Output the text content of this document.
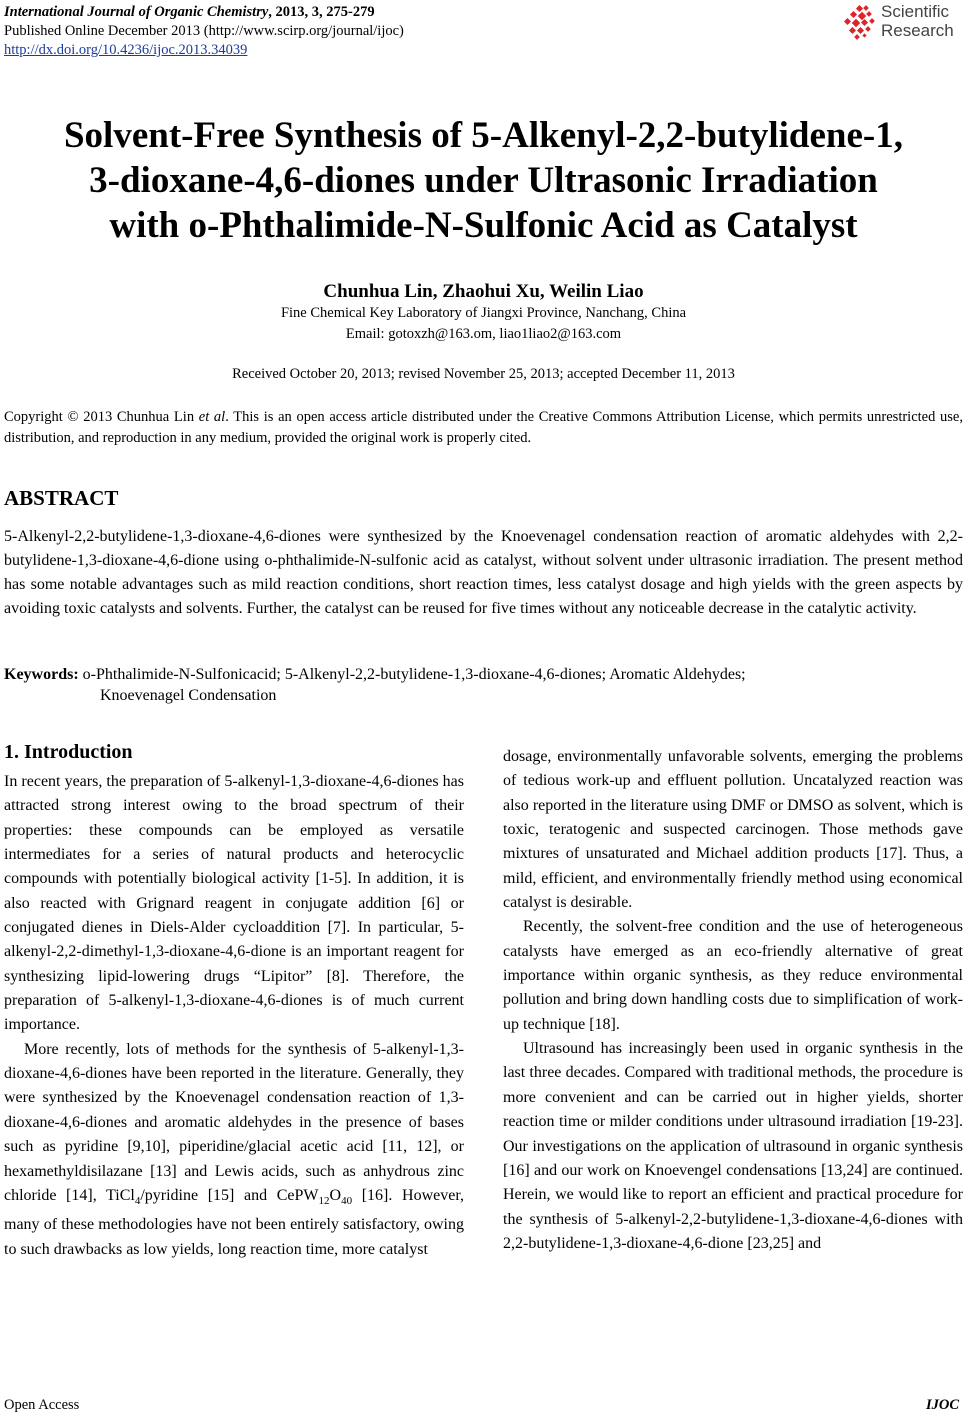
International Journal of Organic Chemistry, 2013, 3, 275-279
Published Online December 2013 (http://www.scirp.org/journal/ijoc)
http://dx.doi.org/10.4236/ijoc.2013.34039
Scientific
Research
Solvent-Free Synthesis of 5-Alkenyl-2,2-butylidene-1,
3-dioxane-4,6-diones under Ultrasonic Irradiation
with o-Phthalimide-N-Sulfonic Acid as Catalyst
Chunhua Lin, Zhaohui Xu, Weilin Liao
Fine Chemical Key Laboratory of Jiangxi Province, Nanchang, China
Email: gotoxzh@163.om, liao1liao2@163.com
Received October 20, 2013; revised November 25, 2013; accepted December 11, 2013
Copyright © 2013 Chunhua Lin et al. This is an open access article distributed under the Creative Commons Attribution License, which permits unrestricted use, distribution, and reproduction in any medium, provided the original work is properly cited.
ABSTRACT
5-Alkenyl-2,2-butylidene-1,3-dioxane-4,6-diones were synthesized by the Knoevenagel condensation reaction of aromatic aldehydes with 2,2-butylidene-1,3-dioxane-4,6-dione using o-phthalimide-N-sulfonic acid as catalyst, without solvent under ultrasonic irradiation. The present method has some notable advantages such as mild reaction conditions, short reaction times, less catalyst dosage and high yields with the green aspects by avoiding toxic catalysts and solvents. Further, the catalyst can be reused for five times without any noticeable decrease in the catalytic activity.
Keywords: o-Phthalimide-N-Sulfonicacid; 5-Alkenyl-2,2-butylidene-1,3-dioxane-4,6-diones; Aromatic Aldehydes;
Knoevenagel Condensation
1. Introduction

In recent years, the preparation of 5-alkenyl-1,3-dioxane-4,6-diones has attracted strong interest owing to the broad spectrum of their properties: these compounds can be employed as versatile intermediates for a series of natural products and heterocyclic compounds with potentially biological activity [1-5]. In addition, it is also reacted with Grignard reagent in conjugate addition [6] or conjugated dienes in Diels-Alder cycloaddition [7]. In particular, 5-alkenyl-2,2-dimethyl-1,3-dioxane-4,6-dione is an important reagent for synthesizing lipid-lowering drugs “Lipitor” [8]. Therefore, the preparation of 5-alkenyl-1,3-dioxane-4,6-diones is of much current importance.

More recently, lots of methods for the synthesis of 5-alkenyl-1,3-dioxane-4,6-diones have been reported in the literature. Generally, they were synthesized by the Knoevenagel condensation reaction of 1,3-dioxane-4,6-diones and aromatic aldehydes in the presence of bases such as pyridine [9,10], piperidine/glacial acetic acid [11, 12], or hexamethyldisilazane [13] and Lewis acids, such as anhydrous zinc chloride [14], TiCl$_4$/pyridine [15] and $CePW_{12}O_{40}$ [16]. However, many of these methodologies have not been entirely satisfactory, owing to such drawbacks as low yields, long reaction time, more catalyst

dosage, environmentally unfavorable solvents, emerging the problems of tedious work-up and effluent pollution. Uncatalyzed reaction was also reported in the literature using DMF or DMSO as solvent, which is toxic, teratogenic and suspected carcinogen. Those methods gave mixtures of unsaturated and Michael addition products [17]. Thus, a mild, efficient, and environmentally friendly method using economical catalyst is desirable.

Recently, the solvent-free condition and the use of heterogeneous catalysts have emerged as an eco-friendly alternative of great importance within organic synthesis, as they reduce environmental pollution and bring down handling costs due to simplification of work-up technique [18].

Ultrasound has increasingly been used in organic synthesis in the last three decades. Compared with traditional methods, the procedure is more convenient and can be carried out in higher yields, shorter reaction time or milder conditions under ultrasound irradiation [19-23]. Our investigations on the application of ultrasound in organic synthesis [16] and our work on Knoevengel condensations [13,24] are continued. Herein, we would like to report an efficient and practical procedure for the synthesis of 5-alkenyl-2,2-butylidene-1,3-dioxane-4,6-diones with 2,2-butylidene-1,3-dioxane-4,6-dione [23,25] and

Open Access	IJOC
